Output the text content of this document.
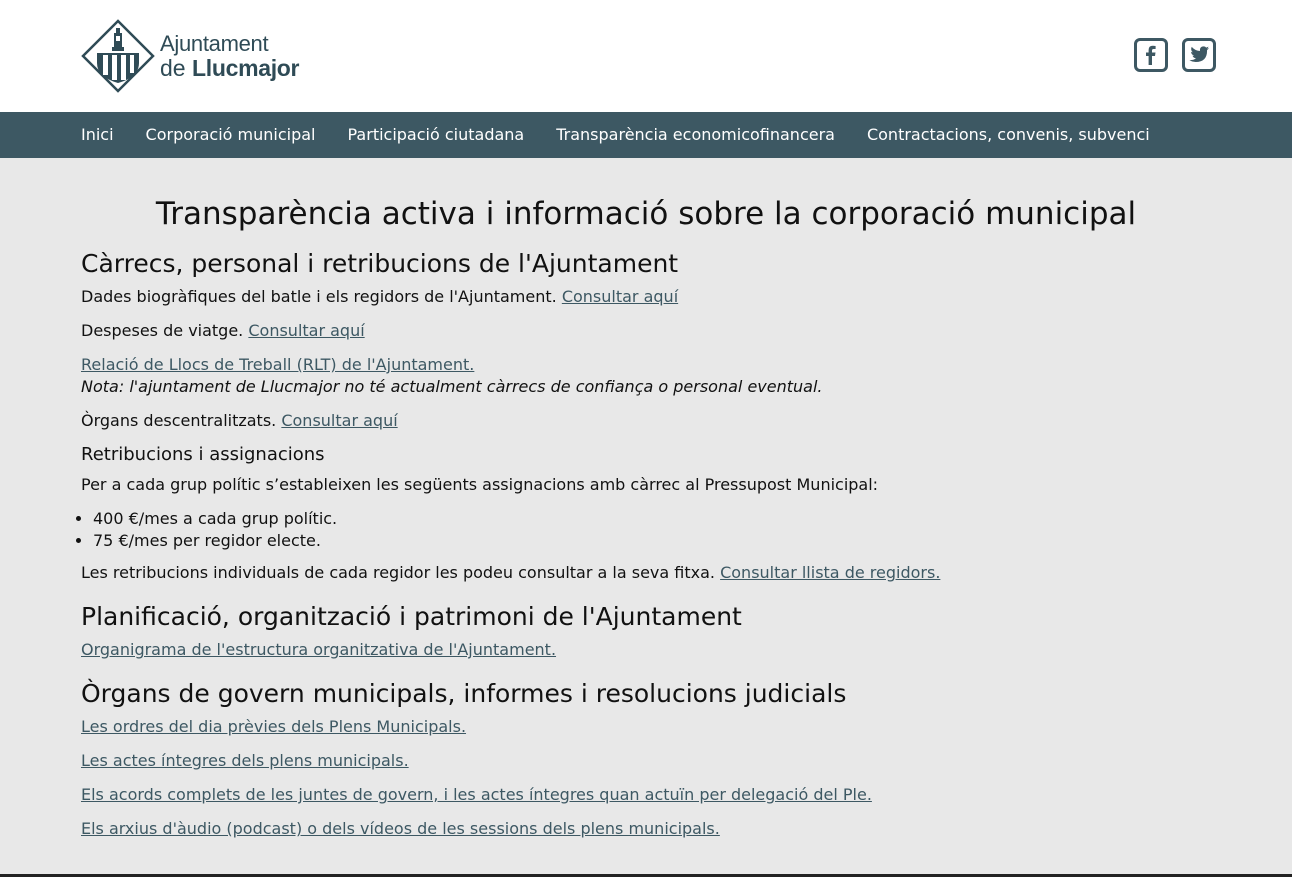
Ajuntament
de Llucmajor
Inici	Corporació municipal	Participació ciutadana	Transparència economicofinancera	Contractacions, convenis, subvenci
Transparència activa i informació sobre la corporació municipal
Càrrecs, personal i retribucions de l'Ajuntament

Dades biogràfiques del batle i els regidors de l'Ajuntament. Consultar aquí

Despeses de viatge. Consultar aquí

Relació de Llocs de Treball (RLT) de l'Ajuntament.
Nota: l'ajuntament de Llucmajor no té actualment càrrecs de confiança o personal eventual.

Òrgans descentralitzats. Consultar aquí

Retribucions i assignacions

Per a cada grup polític s’estableixen les següents assignacions amb càrrec al Pressupost Municipal:

• 400 €/mes a cada grup polític.
• 75 €/mes per regidor electe.

Les retribucions individuals de cada regidor les podeu consultar a la seva fitxa. Consultar llista de regidors.

Planificació, organització i patrimoni de l'Ajuntament

Organigrama de l'estructura organitzativa de l'Ajuntament.

Òrgans de govern municipals, informes i resolucions judicials

Les ordres del dia prèvies dels Plens Municipals.

Les actes íntegres dels plens municipals.

Els acords complets de les juntes de govern, i les actes íntegres quan actuïn per delegació del Ple.

Els arxius d'àudio (podcast) o dels vídeos de les sessions dels plens municipals.
